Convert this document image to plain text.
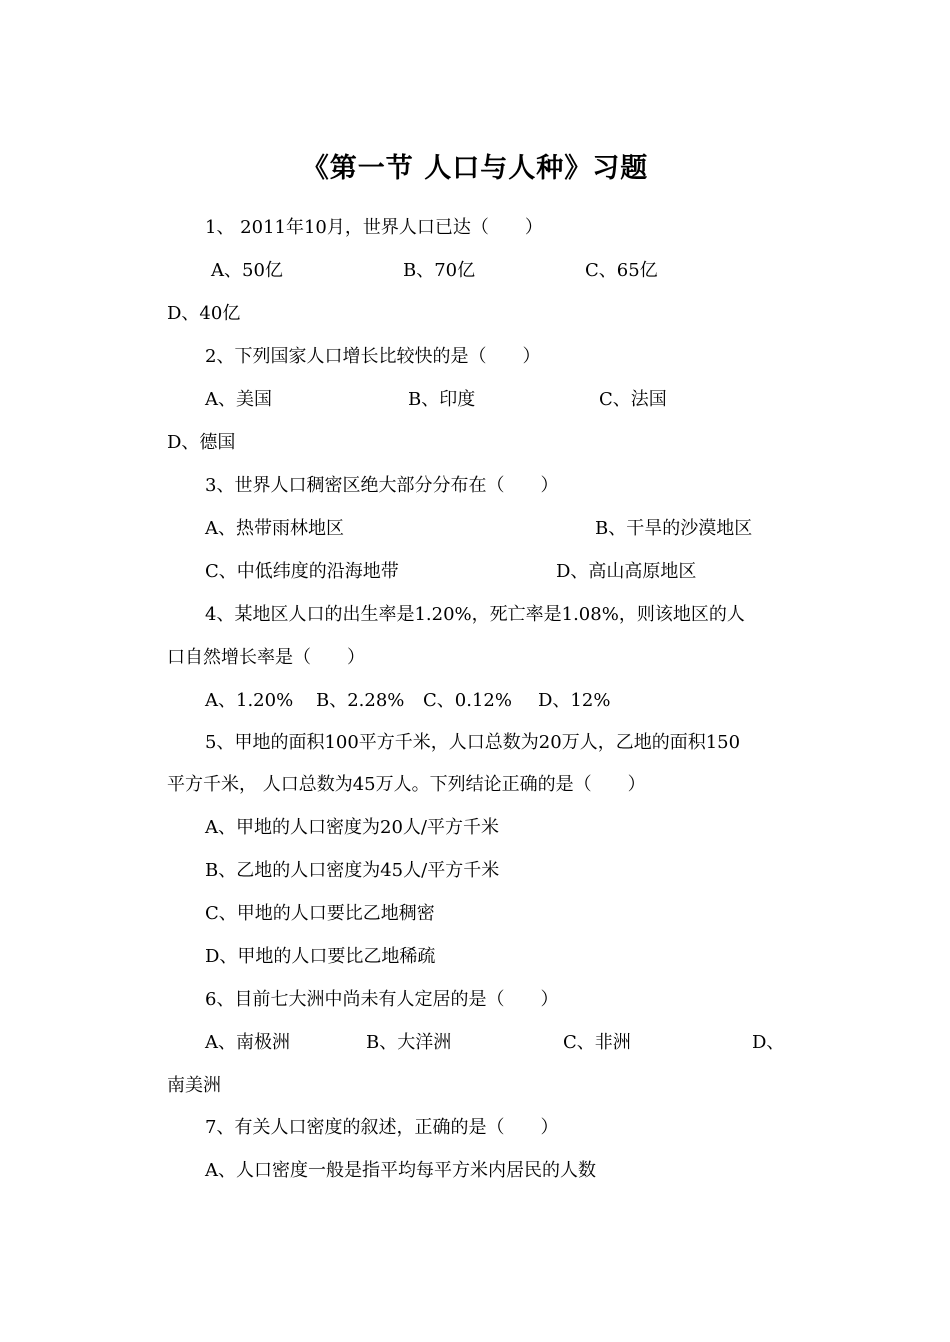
《第一节 人口与人种》习题
1、 2011年10月，世界人口已达（　　）
A、50亿	B、70亿	C、65亿
D、40亿
2、下列国家人口增长比较快的是（　　）
A、美国	B、印度	C、法国
D、德国
3、世界人口稠密区绝大部分分布在（　　）
A、热带雨林地区	B、干旱的沙漠地区
C、中低纬度的沿海地带	D、高山高原地区
4、某地区人口的出生率是1.20%，死亡率是1.08%，则该地区的人
口自然增长率是（　　）
A、1.20% B、2.28% C、0.12% D、12%
5、甲地的面积100平方千米，人口总数为20万人，乙地的面积150
平方千米， 人口总数为45万人。下列结论正确的是（　　）
A、甲地的人口密度为20人/平方千米
B、乙地的人口密度为45人/平方千米
C、甲地的人口要比乙地稠密
D、甲地的人口要比乙地稀疏
6、目前七大洲中尚未有人定居的是（　　）
A、南极洲	B、大洋洲	C、非洲	D、
南美洲
7、有关人口密度的叙述，正确的是（　　）
A、人口密度一般是指平均每平方米内居民的人数
